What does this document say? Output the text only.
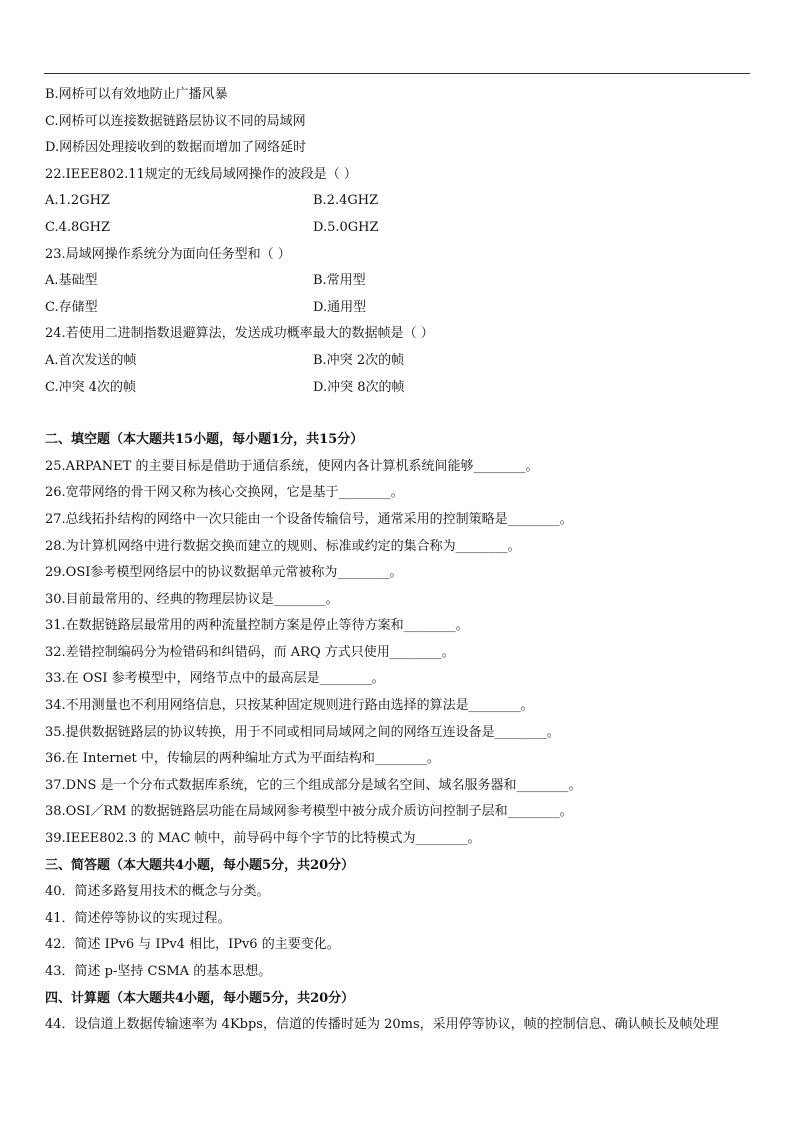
B.网桥可以有效地防止广播风暴
C.网桥可以连接数据链路层协议不同的局域网
D.网桥因处理接收到的数据而增加了网络延时
22.IEEE802.11规定的无线局域网操作的波段是（ ）
A.1.2GHZ	B.2.4GHZ
C.4.8GHZ	D.5.0GHZ
23.局域网操作系统分为面向任务型和（ ）
A.基础型	B.常用型
C.存储型	D.通用型
24.若使用二进制指数退避算法，发送成功概率最大的数据帧是（ ）
A.首次发送的帧	B.冲突 2次的帧
C.冲突 4次的帧	D.冲突 8次的帧
二、填空题（本大题共15小题，每小题1分，共15分）
25.ARPANET 的主要目标是借助于通信系统，使网内各计算机系统间能够________。
26.宽带网络的骨干网又称为核心交换网，它是基于________。
27.总线拓扑结构的网络中一次只能由一个设备传输信号，通常采用的控制策略是________。
28.为计算机网络中进行数据交换而建立的规则、标准或约定的集合称为________。
29.OSI参考模型网络层中的协议数据单元常被称为________。
30.目前最常用的、经典的物理层协议是________。
31.在数据链路层最常用的两种流量控制方案是停止等待方案和________。
32.差错控制编码分为检错码和纠错码，而 ARQ 方式只使用________。
33.在 OSI 参考模型中，网络节点中的最高层是________。
34.不用测量也不利用网络信息，只按某种固定规则进行路由选择的算法是________。
35.提供数据链路层的协议转换，用于不同或相同局域网之间的网络互连设备是________。
36.在 Internet 中，传输层的两种编址方式为平面结构和________。
37.DNS 是一个分布式数据库系统，它的三个组成部分是域名空间、域名服务器和________。
38.OSI／RM 的数据链路层功能在局域网参考模型中被分成介质访问控制子层和________。
39.IEEE802.3 的 MAC 帧中，前导码中每个字节的比特模式为________。
三、简答题（本大题共4小题，每小题5分，共20分）
40．简述多路复用技术的概念与分类。
41．简述停等协议的实现过程。
42．简述 IPv6 与 IPv4 相比，IPv6 的主要变化。
43．简述 p-坚持 CSMA 的基本思想。
四、计算题（本大题共4小题，每小题5分，共20分）
44．设信道上数据传输速率为 4Kbps，信道的传播时延为 20ms，采用停等协议，帧的控制信息、确认帧长及帧处理
